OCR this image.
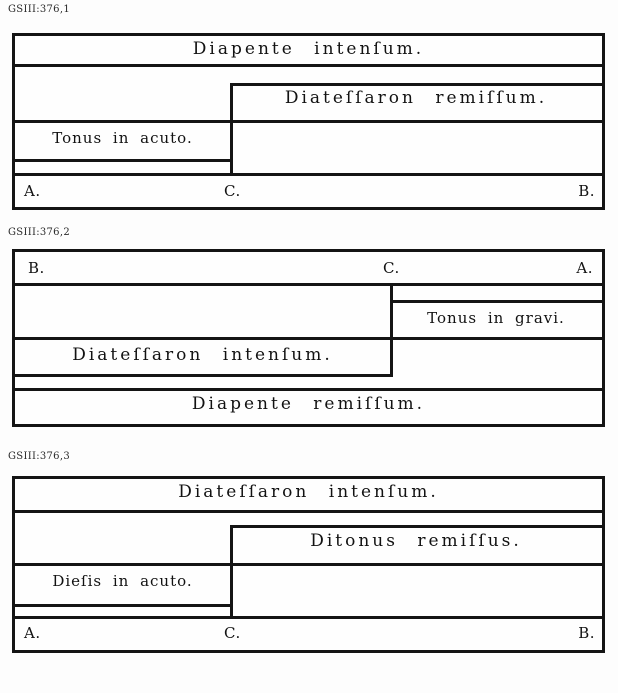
GSIII:376,1
Diapente intenſum.
Diateſſaron remiſſum.
Tonus in acuto.
A.	C.	B.
GSIII:376,2
B.	C.	A.
Tonus in gravi.
Diateſſaron intenſum.
Diapente remiſſum.
GSIII:376,3
Diateſſaron intenſum.
Ditonus remiſſus.
Dieſis in acuto.
A.	C.	B.
